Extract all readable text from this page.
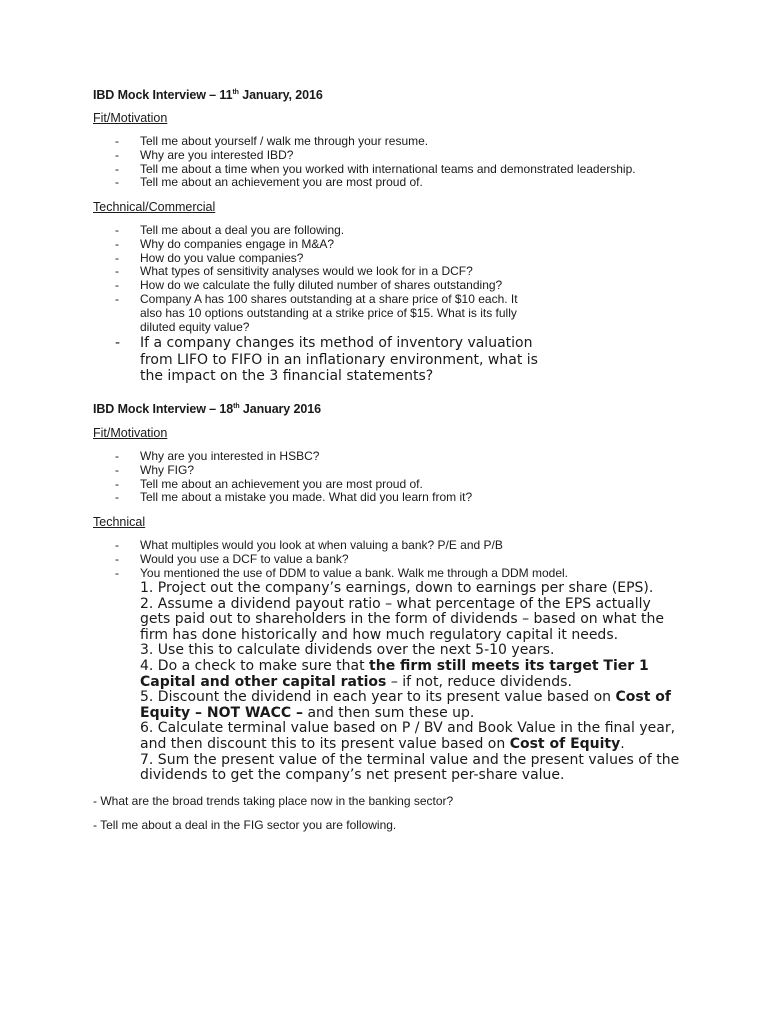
IBD Mock Interview – 11th January, 2016
Fit/Motivation
- Tell me about yourself / walk me through your resume.
- Why are you interested IBD?
- Tell me about a time when you worked with international teams and demonstrated leadership.
- Tell me about an achievement you are most proud of.
Technical/Commercial
- Tell me about a deal you are following.
- Why do companies engage in M&A?
- How do you value companies?
- What types of sensitivity analyses would we look for in a DCF?
- How do we calculate the fully diluted number of shares outstanding?
- Company A has 100 shares outstanding at a share price of $10 each. It also has 10 options outstanding at a strike price of $15. What is its fully diluted equity value?
- If a company changes its method of inventory valuation from LIFO to FIFO in an inflationary environment, what is the impact on the 3 financial statements?
IBD Mock Interview – 18th January 2016
Fit/Motivation
- Why are you interested in HSBC?
- Why FIG?
- Tell me about an achievement you are most proud of.
- Tell me about a mistake you made. What did you learn from it?
Technical
- What multiples would you look at when valuing a bank? P/E and P/B
- Would you use a DCF to value a bank?
- You mentioned the use of DDM to value a bank. Walk me through a DDM model.
1. Project out the company’s earnings, down to earnings per share (EPS).
2. Assume a dividend payout ratio – what percentage of the EPS actually gets paid out to shareholders in the form of dividends – based on what the firm has done historically and how much regulatory capital it needs.
3. Use this to calculate dividends over the next 5-10 years.
4. Do a check to make sure that the firm still meets its target Tier 1 Capital and other capital ratios – if not, reduce dividends.
5. Discount the dividend in each year to its present value based on Cost of Equity – NOT WACC – and then sum these up.
6. Calculate terminal value based on P / BV and Book Value in the final year, and then discount this to its present value based on Cost of Equity.
7. Sum the present value of the terminal value and the present values of the dividends to get the company’s net present per-share value.
- What are the broad trends taking place now in the banking sector?
- Tell me about a deal in the FIG sector you are following.
